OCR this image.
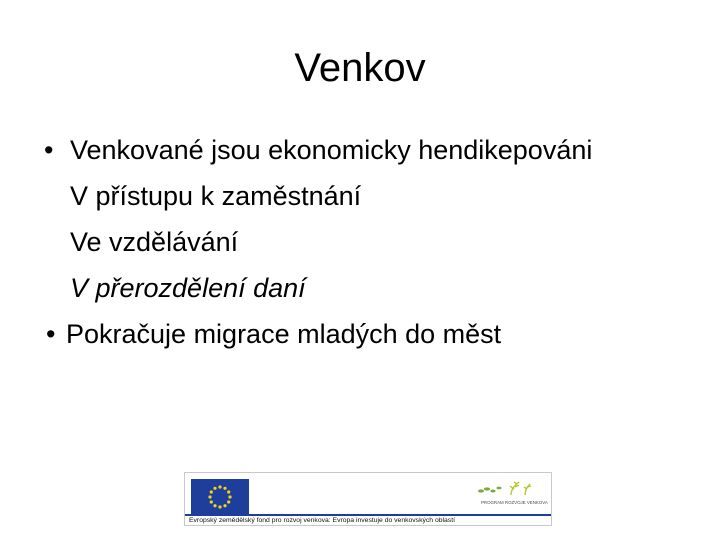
Venkov
• Venkované jsou ekonomicky hendikepováni
V přístupu k zaměstnání
Ve vzdělávání
V přerozdělení daní
• Pokračuje migrace mladých do měst
PROGRAM ROZVOJE VENKOVA
Evropský zemědělský fond pro rozvoj venkova: Evropa investuje do venkovských oblastí
